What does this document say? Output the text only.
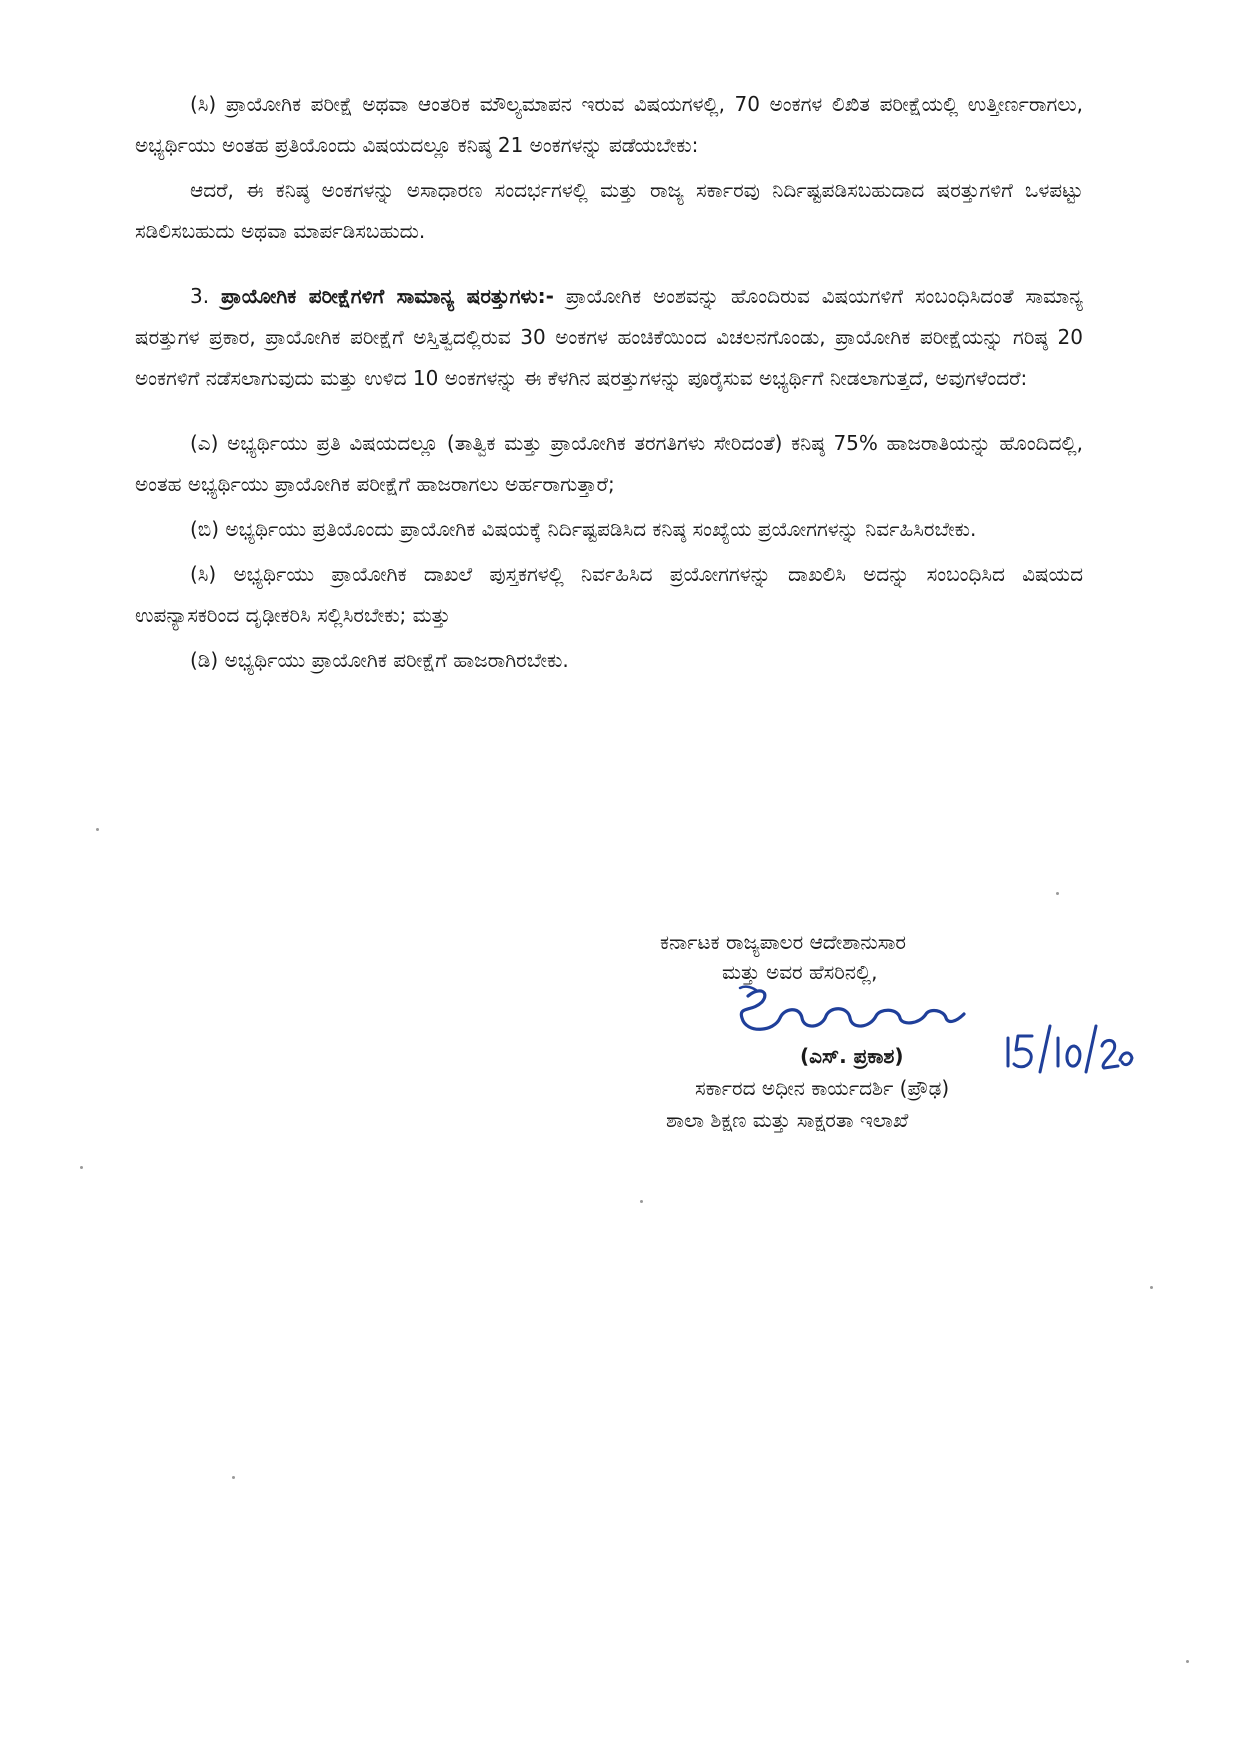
(ಸಿ) ಪ್ರಾಯೋಗಿಕ ಪರೀಕ್ಷೆ ಅಥವಾ ಆಂತರಿಕ ಮೌಲ್ಯಮಾಪನ ಇರುವ ವಿಷಯಗಳಲ್ಲಿ, 70 ಅಂಕಗಳ ಲಿಖಿತ ಪರೀಕ್ಷೆಯಲ್ಲಿ ಉತ್ತೀರ್ಣರಾಗಲು, ಅಭ್ಯರ್ಥಿಯು ಅಂತಹ ಪ್ರತಿಯೊಂದು ವಿಷಯದಲ್ಲೂ ಕನಿಷ್ಠ 21 ಅಂಕಗಳನ್ನು ಪಡೆಯಬೇಕು:

ಆದರೆ, ಈ ಕನಿಷ್ಠ ಅಂಕಗಳನ್ನು ಅಸಾಧಾರಣ ಸಂದರ್ಭಗಳಲ್ಲಿ ಮತ್ತು ರಾಜ್ಯ ಸರ್ಕಾರವು ನಿರ್ದಿಷ್ಟಪಡಿಸಬಹುದಾದ ಷರತ್ತುಗಳಿಗೆ ಒಳಪಟ್ಟು ಸಡಿಲಿಸಬಹುದು ಅಥವಾ ಮಾರ್ಪಡಿಸಬಹುದು.

3. ಪ್ರಾಯೋಗಿಕ ಪರೀಕ್ಷೆಗಳಿಗೆ ಸಾಮಾನ್ಯ ಷರತ್ತುಗಳು:- ಪ್ರಾಯೋಗಿಕ ಅಂಶವನ್ನು ಹೊಂದಿರುವ ವಿಷಯಗಳಿಗೆ ಸಂಬಂಧಿಸಿದಂತೆ ಸಾಮಾನ್ಯ ಷರತ್ತುಗಳ ಪ್ರಕಾರ, ಪ್ರಾಯೋಗಿಕ ಪರೀಕ್ಷೆಗೆ ಅಸ್ತಿತ್ವದಲ್ಲಿರುವ 30 ಅಂಕಗಳ ಹಂಚಿಕೆಯಿಂದ ವಿಚಲನಗೊಂಡು, ಪ್ರಾಯೋಗಿಕ ಪರೀಕ್ಷೆಯನ್ನು ಗರಿಷ್ಠ 20 ಅಂಕಗಳಿಗೆ ನಡೆಸಲಾಗುವುದು ಮತ್ತು ಉಳಿದ 10 ಅಂಕಗಳನ್ನು ಈ ಕೆಳಗಿನ ಷರತ್ತುಗಳನ್ನು ಪೂರೈಸುವ ಅಭ್ಯರ್ಥಿಗೆ ನೀಡಲಾಗುತ್ತದೆ, ಅವುಗಳೆಂದರೆ:

(ಎ) ಅಭ್ಯರ್ಥಿಯು ಪ್ರತಿ ವಿಷಯದಲ್ಲೂ (ತಾತ್ವಿಕ ಮತ್ತು ಪ್ರಾಯೋಗಿಕ ತರಗತಿಗಳು ಸೇರಿದಂತೆ) ಕನಿಷ್ಠ 75% ಹಾಜರಾತಿಯನ್ನು ಹೊಂದಿದಲ್ಲಿ, ಅಂತಹ ಅಭ್ಯರ್ಥಿಯು ಪ್ರಾಯೋಗಿಕ ಪರೀಕ್ಷೆಗೆ ಹಾಜರಾಗಲು ಅರ್ಹರಾಗುತ್ತಾರೆ;

(ಬಿ) ಅಭ್ಯರ್ಥಿಯು ಪ್ರತಿಯೊಂದು ಪ್ರಾಯೋಗಿಕ ವಿಷಯಕ್ಕೆ ನಿರ್ದಿಷ್ಟಪಡಿಸಿದ ಕನಿಷ್ಠ ಸಂಖ್ಯೆಯ ಪ್ರಯೋಗಗಳನ್ನು ನಿರ್ವಹಿಸಿರಬೇಕು.

(ಸಿ) ಅಭ್ಯರ್ಥಿಯು ಪ್ರಾಯೋಗಿಕ ದಾಖಲೆ ಪುಸ್ತಕಗಳಲ್ಲಿ ನಿರ್ವಹಿಸಿದ ಪ್ರಯೋಗಗಳನ್ನು ದಾಖಲಿಸಿ ಅದನ್ನು ಸಂಬಂಧಿಸಿದ ವಿಷಯದ ಉಪನ್ಯಾಸಕರಿಂದ ದೃಢೀಕರಿಸಿ ಸಲ್ಲಿಸಿರಬೇಕು; ಮತ್ತು

(ಡಿ) ಅಭ್ಯರ್ಥಿಯು ಪ್ರಾಯೋಗಿಕ ಪರೀಕ್ಷೆಗೆ ಹಾಜರಾಗಿರಬೇಕು.

ಕರ್ನಾಟಕ ರಾಜ್ಯಪಾಲರ ಆದೇಶಾನುಸಾರ
ಮತ್ತು ಅವರ ಹೆಸರಿನಲ್ಲಿ,
(ಎಸ್. ಪ್ರಕಾಶ)
ಸರ್ಕಾರದ ಅಧೀನ ಕಾರ್ಯದರ್ಶಿ (ಪ್ರೌಢ)
ಶಾಲಾ ಶಿಕ್ಷಣ ಮತ್ತು ಸಾಕ್ಷರತಾ ಇಲಾಖೆ
